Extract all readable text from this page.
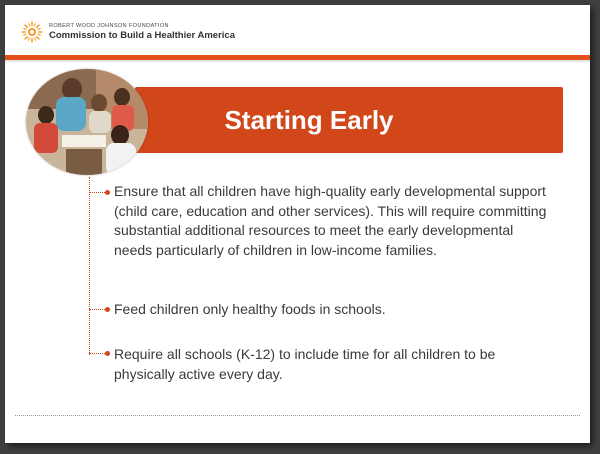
ROBERT WOOD JOHNSON FOUNDATION
Commission to Build a Healthier America
Starting Early
Ensure that all children have high-quality early developmental support (child care, education and other services). This will require committing substantial additional resources to meet the early developmental needs particularly of children in low-income families.
Feed children only healthy foods in schools.
Require all schools (K-12) to include time for all children to be physically active every day.
